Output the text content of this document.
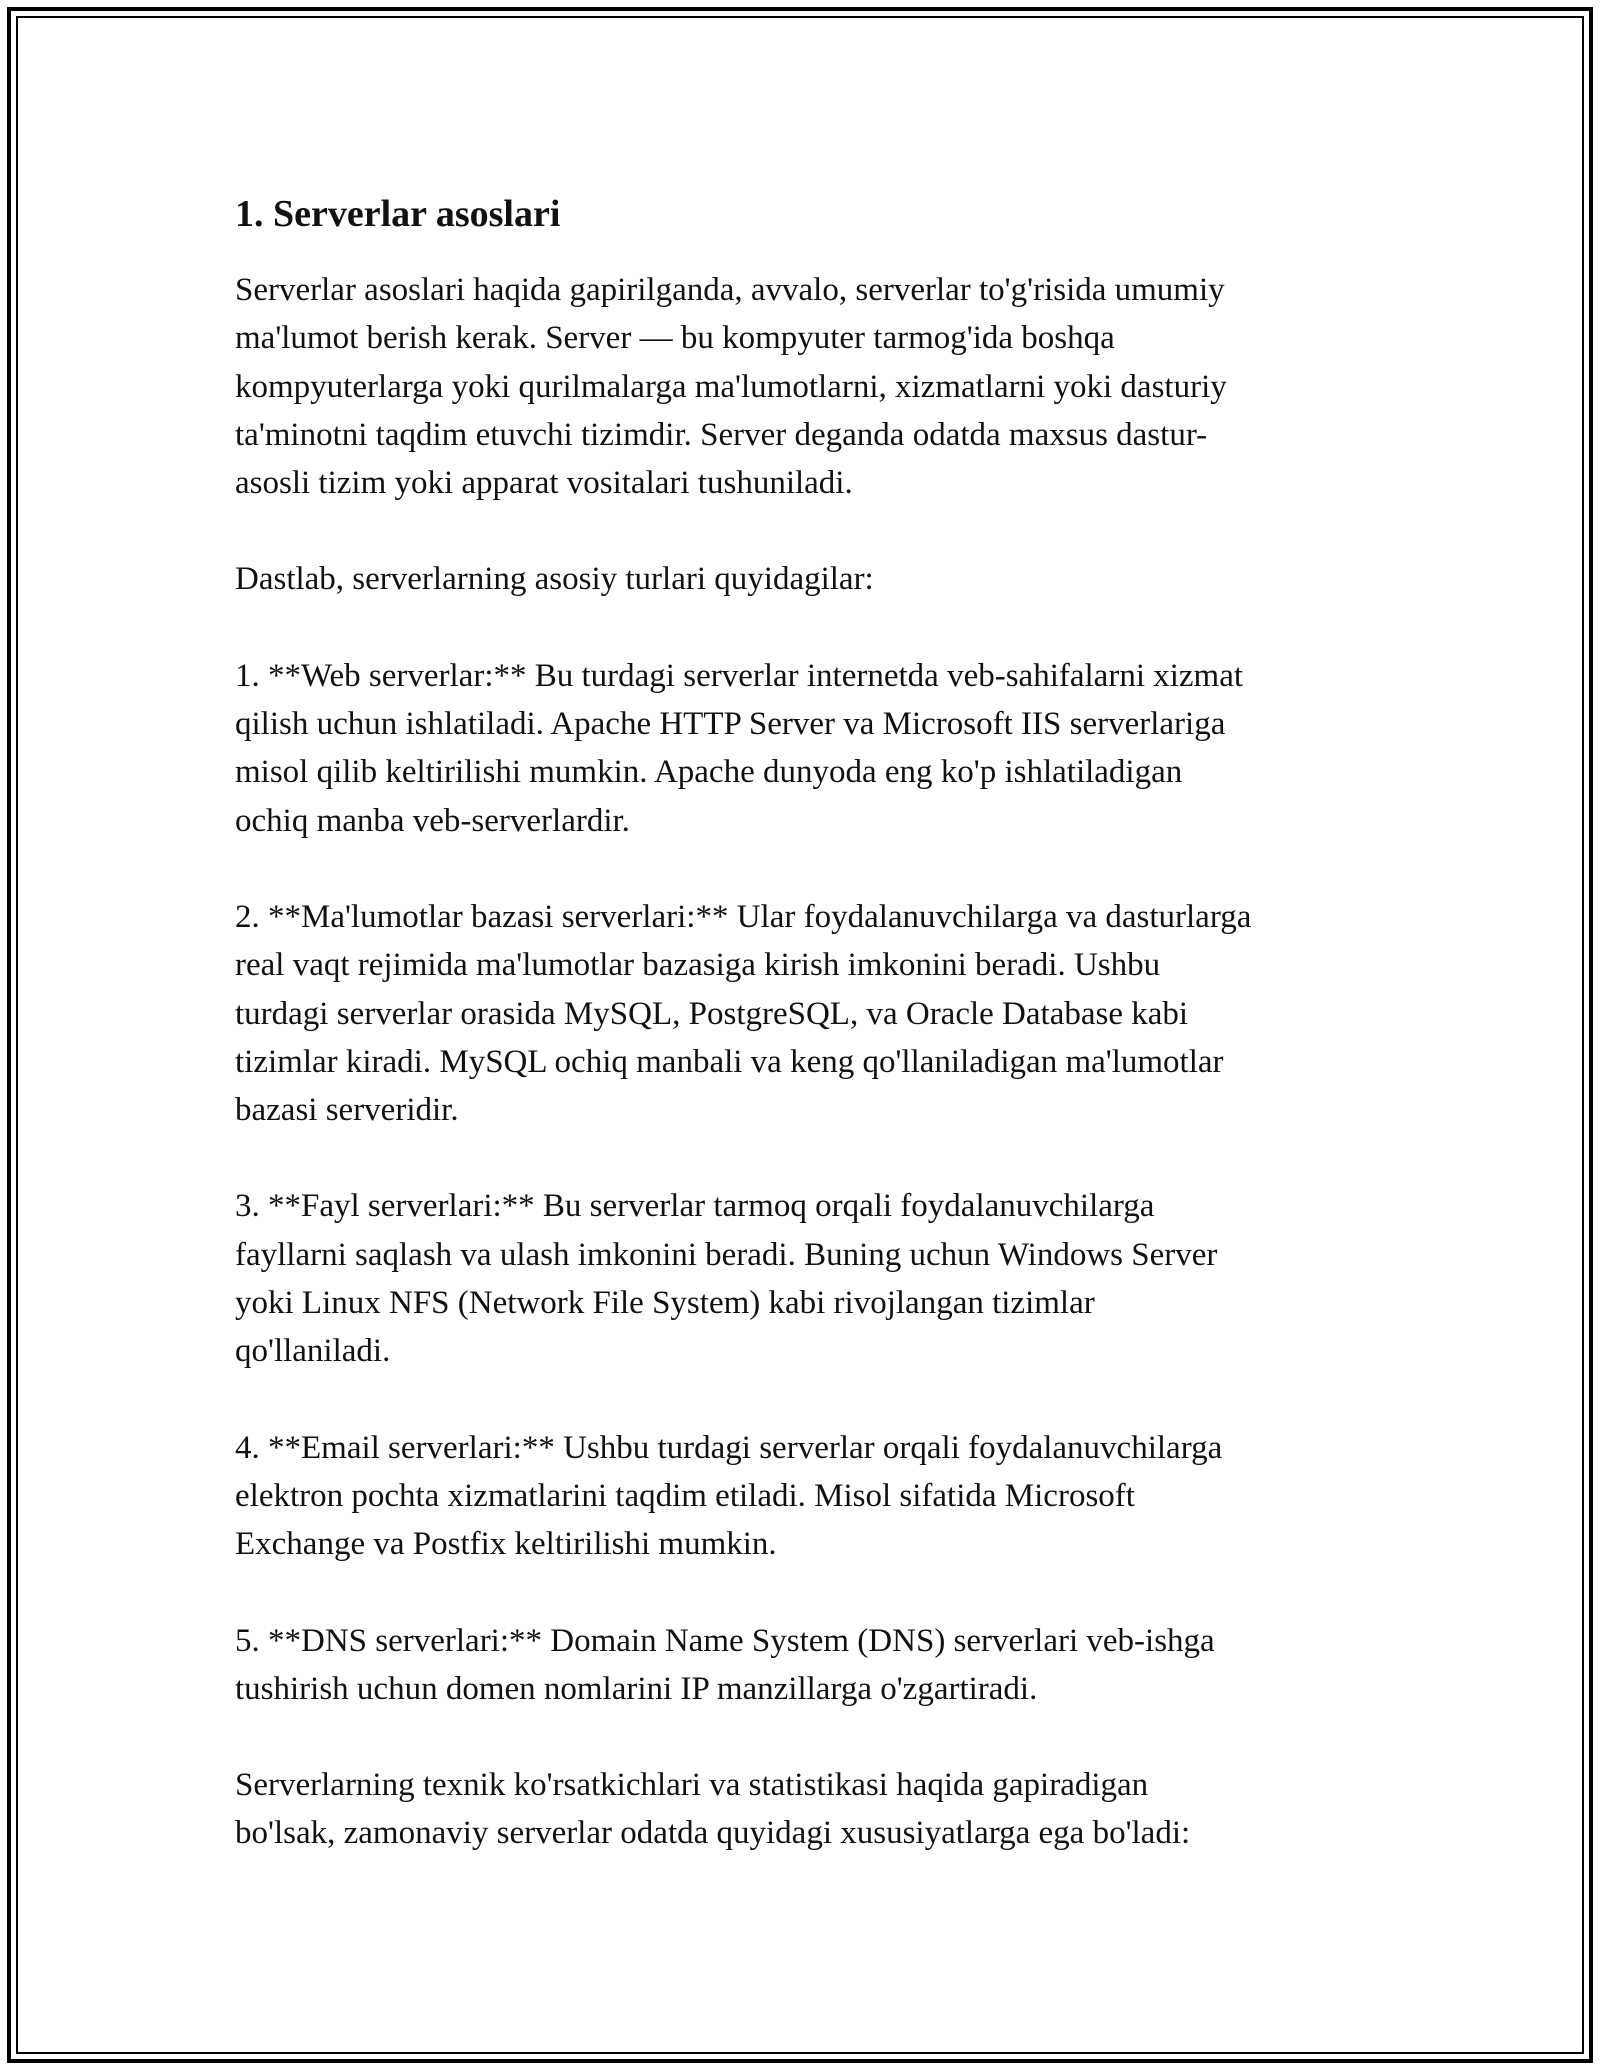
1. Serverlar asoslari

Serverlar asoslari haqida gapirilganda, avvalo, serverlar to'g'risida umumiy
ma'lumot berish kerak. Server — bu kompyuter tarmog'ida boshqa
kompyuterlarga yoki qurilmalarga ma'lumotlarni, xizmatlarni yoki dasturiy
ta'minotni taqdim etuvchi tizimdir. Server deganda odatda maxsus dastur-
asosli tizim yoki apparat vositalari tushuniladi.

Dastlab, serverlarning asosiy turlari quyidagilar:

1. **Web serverlar:** Bu turdagi serverlar internetda veb-sahifalarni xizmat
qilish uchun ishlatiladi. Apache HTTP Server va Microsoft IIS serverlariga
misol qilib keltirilishi mumkin. Apache dunyoda eng ko'p ishlatiladigan
ochiq manba veb-serverlardir.

2. **Ma'lumotlar bazasi serverlari:** Ular foydalanuvchilarga va dasturlarga
real vaqt rejimida ma'lumotlar bazasiga kirish imkonini beradi. Ushbu
turdagi serverlar orasida MySQL, PostgreSQL, va Oracle Database kabi
tizimlar kiradi. MySQL ochiq manbali va keng qo'llaniladigan ma'lumotlar
bazasi serveridir.

3. **Fayl serverlari:** Bu serverlar tarmoq orqali foydalanuvchilarga
fayllarni saqlash va ulash imkonini beradi. Buning uchun Windows Server
yoki Linux NFS (Network File System) kabi rivojlangan tizimlar
qo'llaniladi.

4. **Email serverlari:** Ushbu turdagi serverlar orqali foydalanuvchilarga
elektron pochta xizmatlarini taqdim etiladi. Misol sifatida Microsoft
Exchange va Postfix keltirilishi mumkin.

5. **DNS serverlari:** Domain Name System (DNS) serverlari veb-ishga
tushirish uchun domen nomlarini IP manzillarga o'zgartiradi.

Serverlarning texnik ko'rsatkichlari va statistikasi haqida gapiradigan
bo'lsak, zamonaviy serverlar odatda quyidagi xususiyatlarga ega bo'ladi:
